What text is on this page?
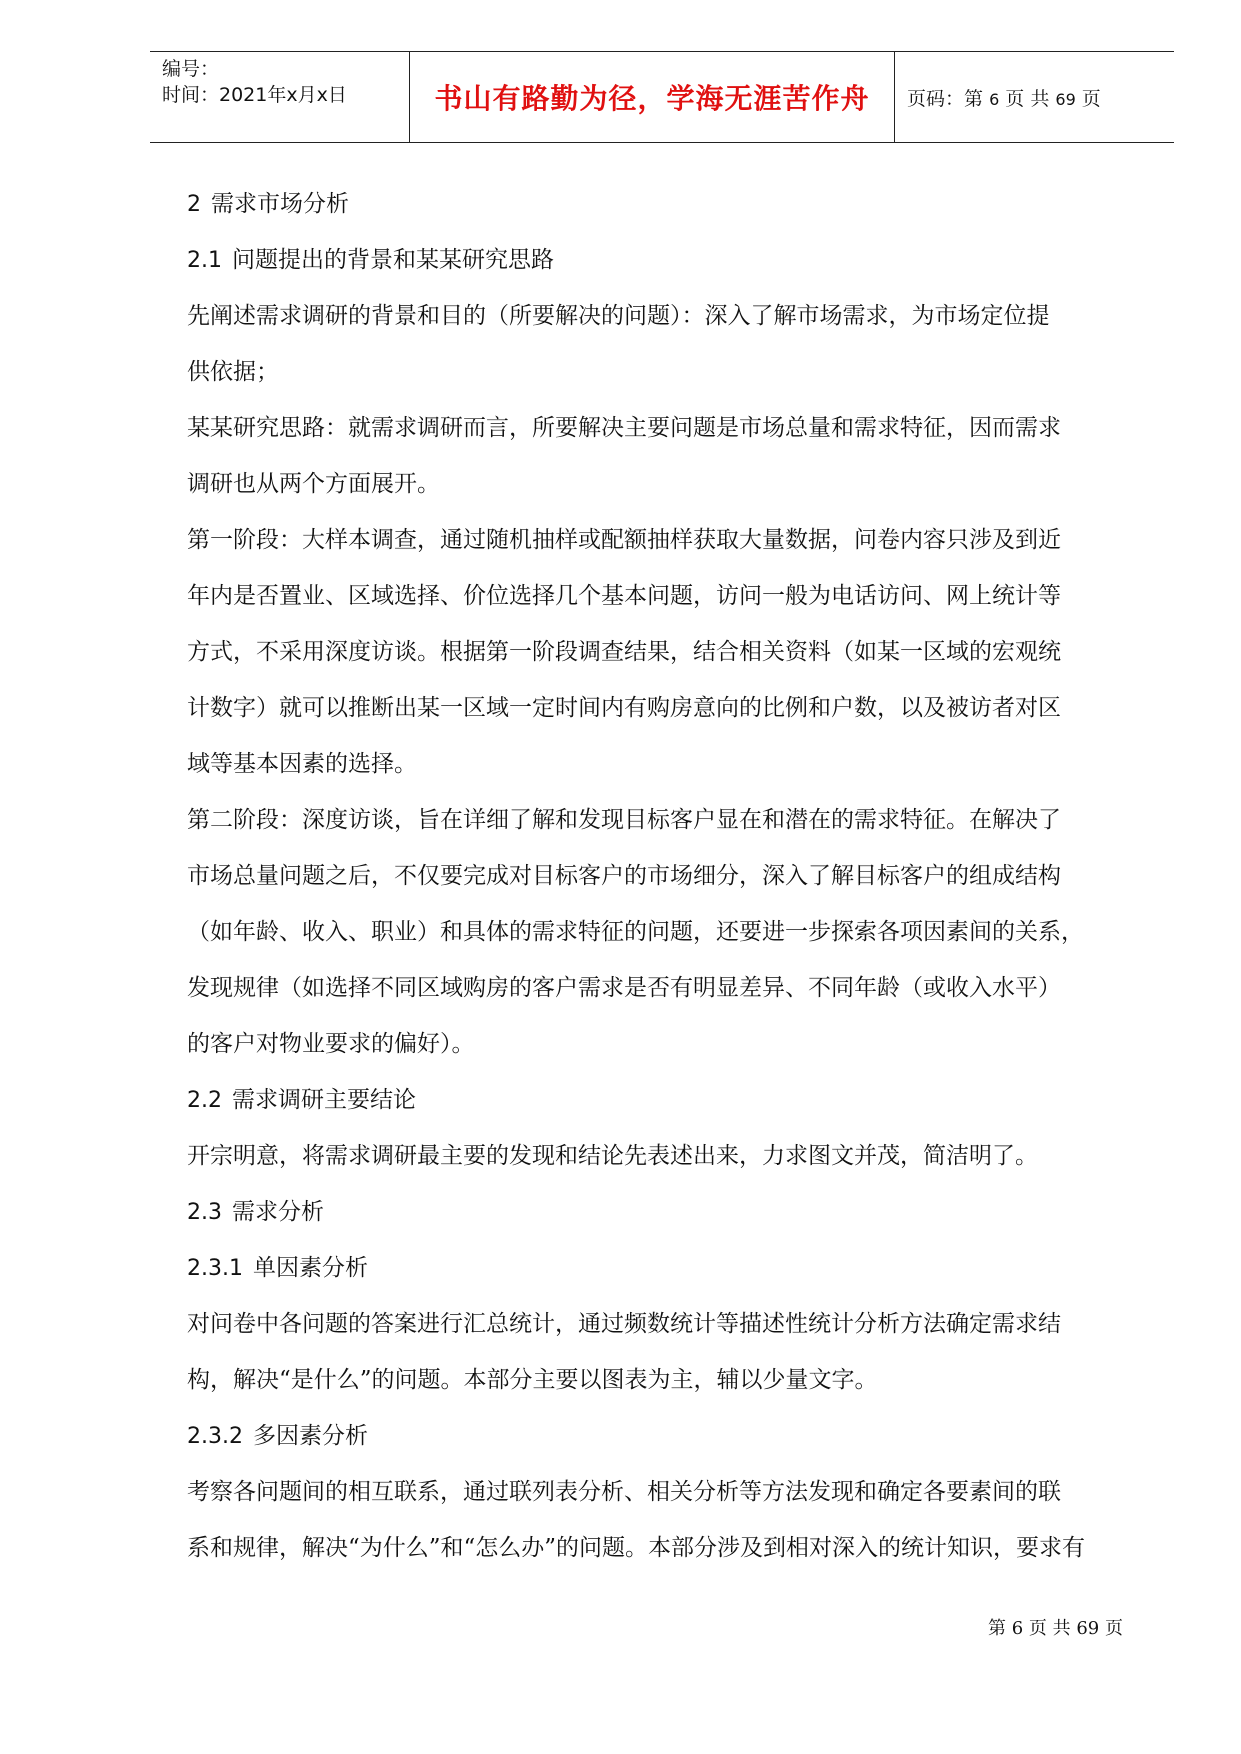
编号：
时间：2021年x月x日	书山有路勤为径，学海无涯苦作舟 页码：第 6 页 共 69 页
2 需求市场分析
2.1 问题提出的背景和某某研究思路
先阐述需求调研的背景和目的（所要解决的问题）：深入了解市场需求，为市场定位提
供依据；
某某研究思路：就需求调研而言，所要解决主要问题是市场总量和需求特征，因而需求
调研也从两个方面展开。
第一阶段：大样本调查，通过随机抽样或配额抽样获取大量数据，问卷内容只涉及到近
年内是否置业、区域选择、价位选择几个基本问题，访问一般为电话访问、网上统计等
方式，不采用深度访谈。根据第一阶段调查结果，结合相关资料（如某一区域的宏观统
计数字）就可以推断出某一区域一定时间内有购房意向的比例和户数，以及被访者对区
域等基本因素的选择。
第二阶段：深度访谈，旨在详细了解和发现目标客户显在和潜在的需求特征。在解决了
市场总量问题之后，不仅要完成对目标客户的市场细分，深入了解目标客户的组成结构
（如年龄、收入、职业）和具体的需求特征的问题，还要进一步探索各项因素间的关系，
发现规律（如选择不同区域购房的客户需求是否有明显差异、不同年龄（或收入水平）
的客户对物业要求的偏好）。
2.2 需求调研主要结论
开宗明意，将需求调研最主要的发现和结论先表述出来，力求图文并茂，简洁明了。
2.3 需求分析
2.3.1 单因素分析
对问卷中各问题的答案进行汇总统计，通过频数统计等描述性统计分析方法确定需求结
构，解决“是什么”的问题。本部分主要以图表为主，辅以少量文字。
2.3.2 多因素分析
考察各问题间的相互联系，通过联列表分析、相关分析等方法发现和确定各要素间的联
系和规律，解决“为什么”和“怎么办”的问题。本部分涉及到相对深入的统计知识，要求有
第 6 页 共 69 页
